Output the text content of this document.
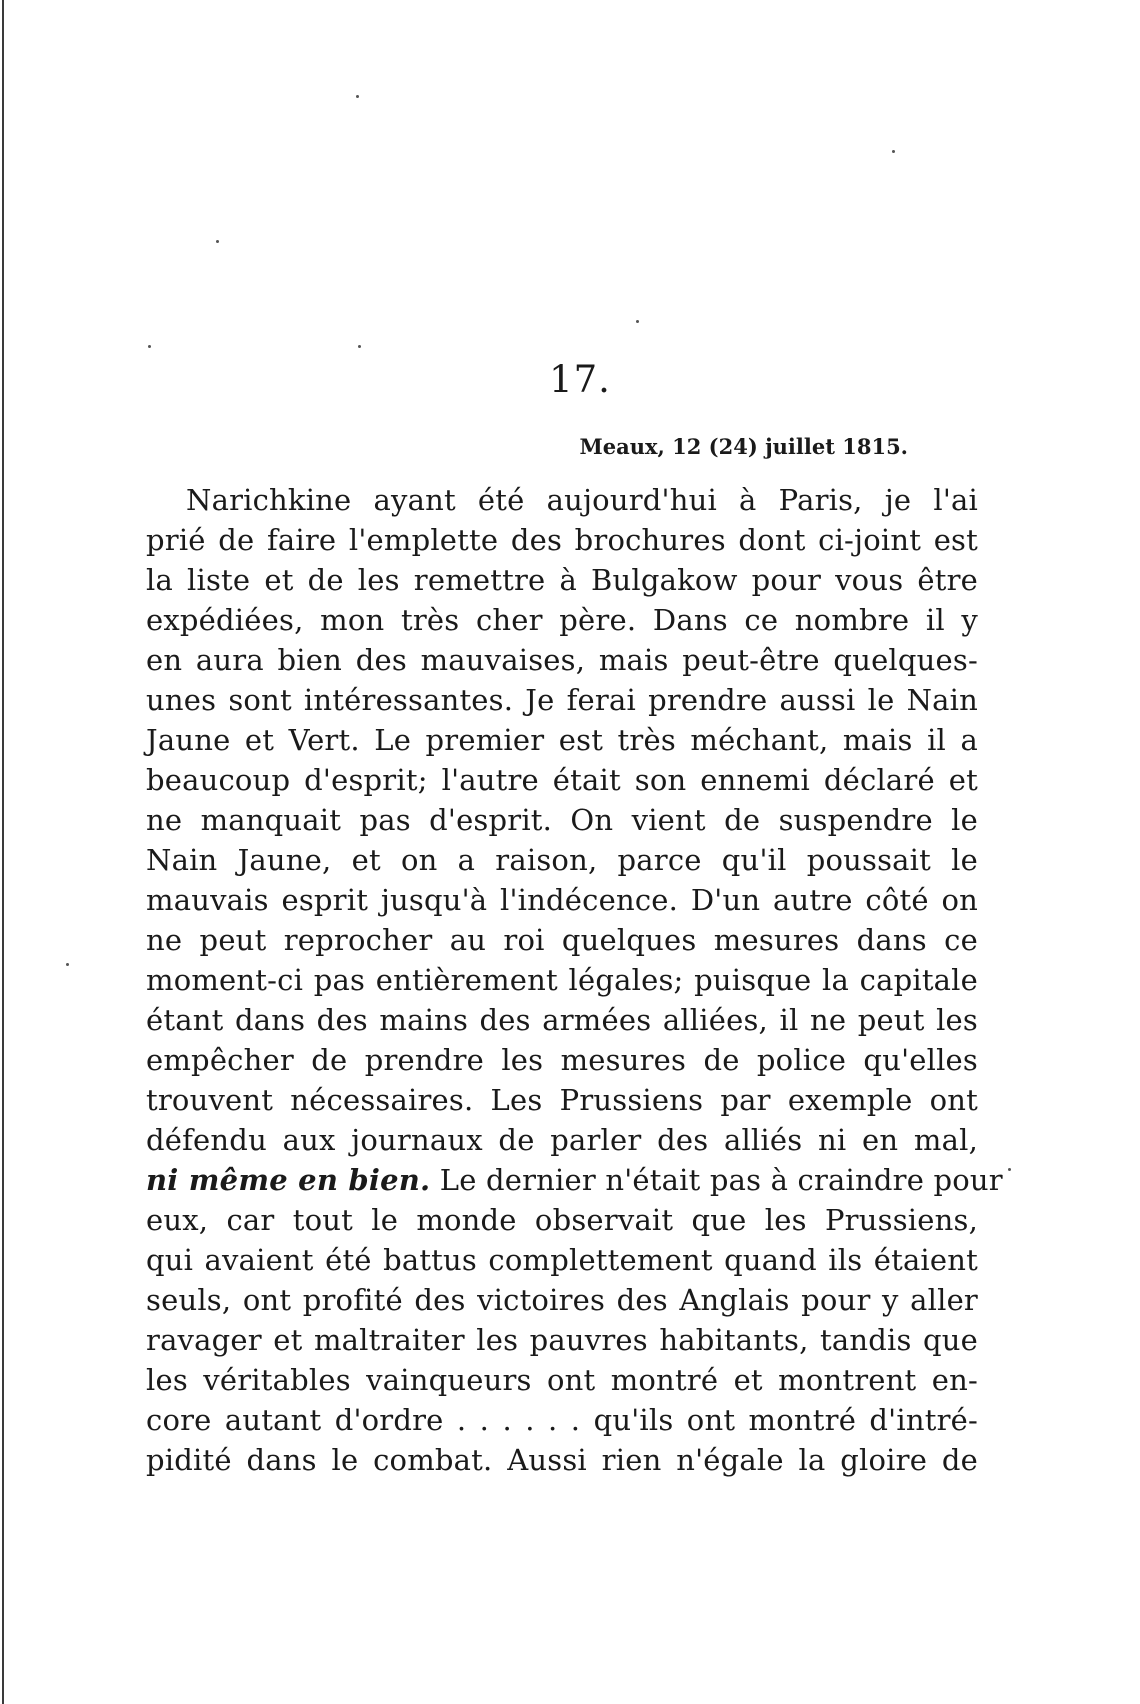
17.
Meaux, 12 (24) juillet 1815.
Narichkine ayant été aujourd'hui à Paris, je l'ai
prié de faire l'emplette des brochures dont ci-joint est
la liste et de les remettre à Bulgakow pour vous être
expédiées, mon très cher père. Dans ce nombre il y
en aura bien des mauvaises, mais peut-être quelques-
unes sont intéressantes. Je ferai prendre aussi le Nain
Jaune et Vert. Le premier est très méchant, mais il a
beaucoup d'esprit; l'autre était son ennemi déclaré et
ne manquait pas d'esprit. On vient de suspendre le
Nain Jaune, et on a raison, parce qu'il poussait le
mauvais esprit jusqu'à l'indécence. D'un autre côté on
ne peut reprocher au roi quelques mesures dans ce
moment-ci pas entièrement légales; puisque la capitale
étant dans des mains des armées alliées, il ne peut les
empêcher de prendre les mesures de police qu'elles
trouvent nécessaires. Les Prussiens par exemple ont
défendu aux journaux de parler des alliés ni en mal,
ni même en bien. Le dernier n'était pas à craindre pour
eux, car tout le monde observait que les Prussiens,
qui avaient été battus complettement quand ils étaient
seuls, ont profité des victoires des Anglais pour y aller
ravager et maltraiter les pauvres habitants, tandis que
les véritables vainqueurs ont montré et montrent en-
core autant d'ordre . . . . . . qu'ils ont montré d'intré-
pidité dans le combat. Aussi rien n'égale la gloire de
